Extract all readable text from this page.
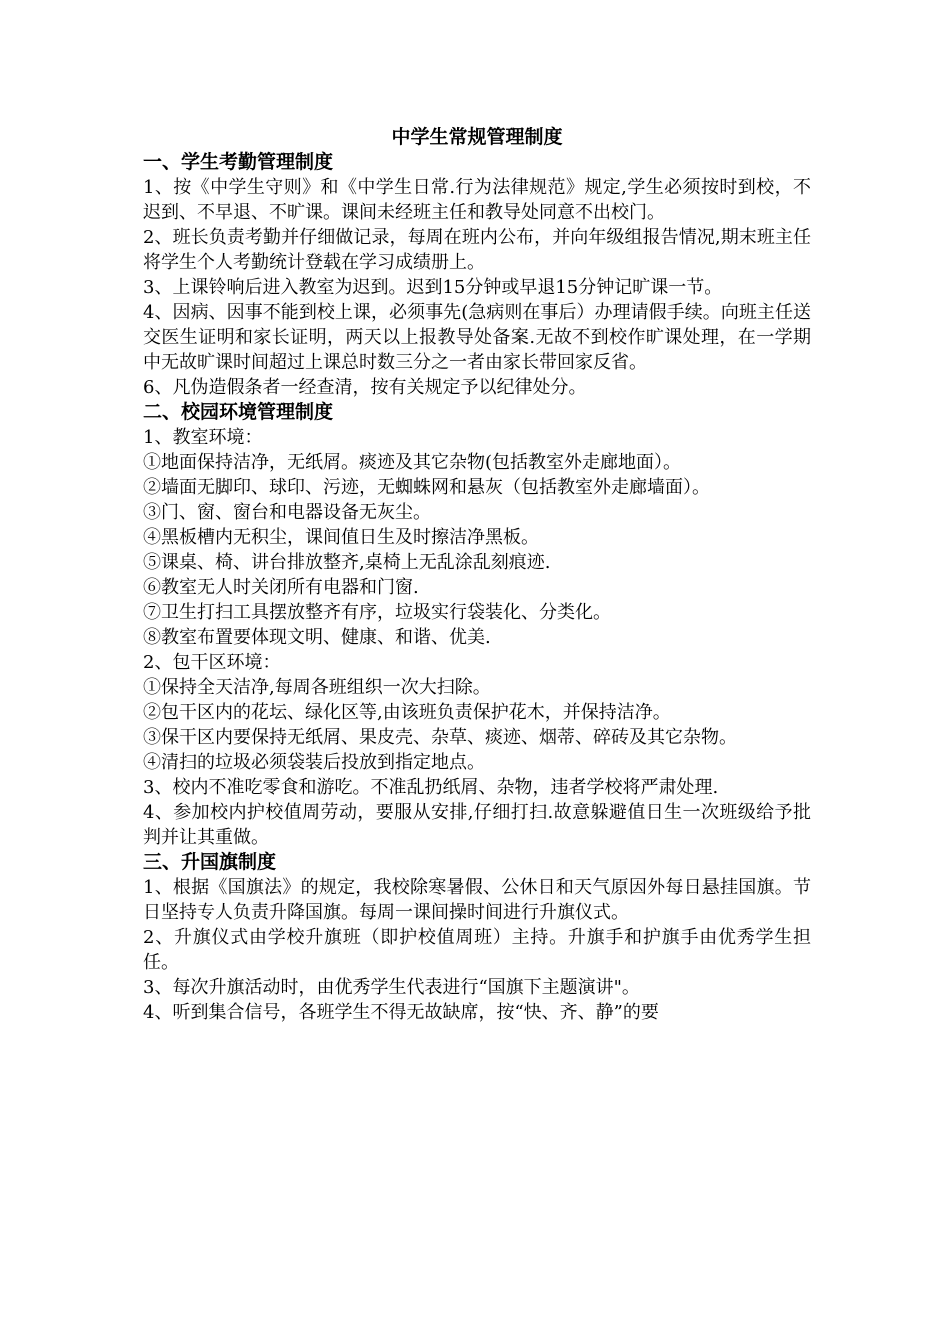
中学生常规管理制度
一、学生考勤管理制度
1、按《中学生守则》和《中学生日常.行为法律规范》规定,学生必须按时到校，不迟到、不早退、不旷课。课间未经班主任和教导处同意不出校门。
2、班长负责考勤并仔细做记录，每周在班内公布，并向年级组报告情况,期末班主任将学生个人考勤统计登载在学习成绩册上。
3、上课铃响后进入教室为迟到。迟到15分钟或早退15分钟记旷课一节。
4、因病、因事不能到校上课，必须事先(急病则在事后）办理请假手续。向班主任送交医生证明和家长证明，两天以上报教导处备案.无故不到校作旷课处理，在一学期中无故旷课时间超过上课总时数三分之一者由家长带回家反省。
6、凡伪造假条者一经查清，按有关规定予以纪律处分。
二、校园环境管理制度
1、教室环境：
①地面保持洁净，无纸屑。痰迹及其它杂物(包括教室外走廊地面）。
②墙面无脚印、球印、污迹，无蜘蛛网和悬灰（包括教室外走廊墙面）。
③门、窗、窗台和电器设备无灰尘。
④黑板槽内无积尘，课间值日生及时擦洁净黑板。
⑤课桌、椅、讲台排放整齐,桌椅上无乱涂乱刻痕迹.
⑥教室无人时关闭所有电器和门窗.
⑦卫生打扫工具摆放整齐有序，垃圾实行袋装化、分类化。
⑧教室布置要体现文明、健康、和谐、优美.
2、包干区环境：
①保持全天洁净,每周各班组织一次大扫除。
②包干区内的花坛、绿化区等,由该班负责保护花木，并保持洁净。
③保干区内要保持无纸屑、果皮壳、杂草、痰迹、烟蒂、碎砖及其它杂物。
④清扫的垃圾必须袋装后投放到指定地点。
3、校内不准吃零食和游吃。不准乱扔纸屑、杂物，违者学校将严肃处理.
4、参加校内护校值周劳动，要服从安排,仔细打扫.故意躲避值日生一次班级给予批判并让其重做。
三、升国旗制度
1、根据《国旗法》的规定，我校除寒暑假、公休日和天气原因外每日悬挂国旗。节日坚持专人负责升降国旗。每周一课间操时间进行升旗仪式。
2、升旗仪式由学校升旗班（即护校值周班）主持。升旗手和护旗手由优秀学生担任。
3、每次升旗活动时，由优秀学生代表进行“国旗下主题演讲"。
4、听到集合信号，各班学生不得无故缺席，按“快、齐、静”的要
